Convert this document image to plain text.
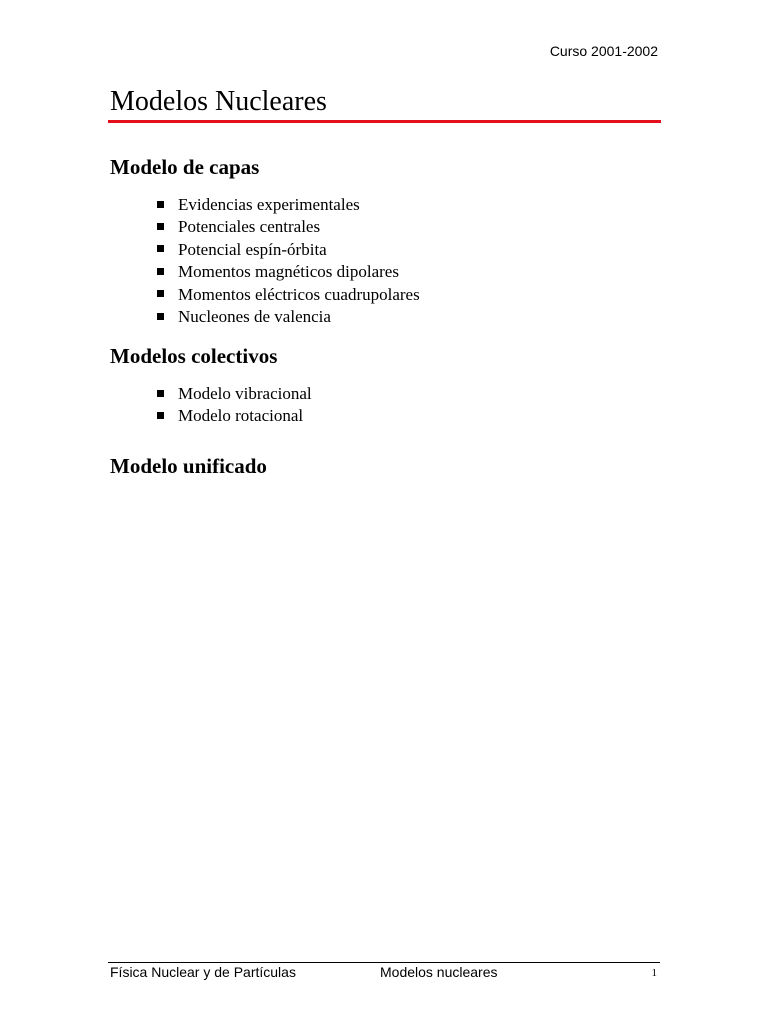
Curso 2001-2002
Modelos Nucleares
Modelo de capas
Evidencias experimentales
Potenciales centrales
Potencial espín-órbita
Momentos magnéticos dipolares
Momentos eléctricos cuadrupolares
Nucleones de valencia
Modelos colectivos
Modelo vibracional
Modelo rotacional
Modelo unificado
Física Nuclear y de Partículas	Modelos nucleares	1
